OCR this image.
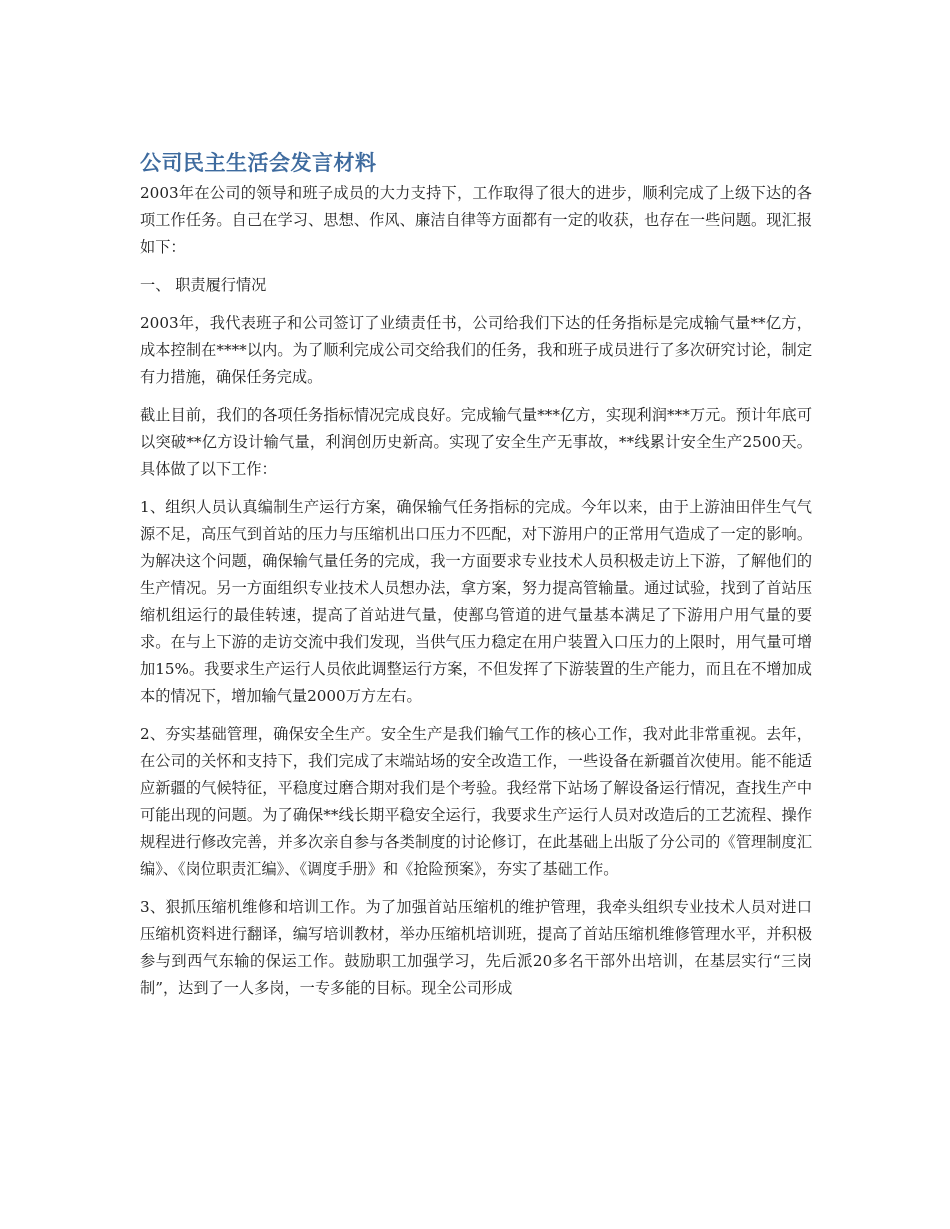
公司民主生活会发言材料

2003年在公司的领导和班子成员的大力支持下，工作取得了很大的进步，顺利完成了上级下达的各项工作任务。自己在学习、思想、作风、廉洁自律等方面都有一定的收获，也存在一些问题。现汇报如下：

一、 职责履行情况

2003年，我代表班子和公司签订了业绩责任书，公司给我们下达的任务指标是完成输气量**亿方，成本控制在****以内。为了顺利完成公司交给我们的任务，我和班子成员进行了多次研究讨论，制定有力措施，确保任务完成。

截止目前，我们的各项任务指标情况完成良好。完成输气量***亿方，实现利润***万元。预计年底可以突破**亿方设计输气量，利润创历史新高。实现了安全生产无事故，**线累计安全生产2500天。具体做了以下工作：

1、组织人员认真编制生产运行方案，确保输气任务指标的完成。今年以来，由于上游油田伴生气气源不足，高压气到首站的压力与压缩机出口压力不匹配，对下游用户的正常用气造成了一定的影响。为解决这个问题，确保输气量任务的完成，我一方面要求专业技术人员积极走访上下游，了解他们的生产情况。另一方面组织专业技术人员想办法，拿方案，努力提高管输量。通过试验，找到了首站压缩机组运行的最佳转速，提高了首站进气量，使鄯乌管道的进气量基本满足了下游用户用气量的要求。在与上下游的走访交流中我们发现，当供气压力稳定在用户装置入口压力的上限时，用气量可增加15%。我要求生产运行人员依此调整运行方案，不但发挥了下游装置的生产能力，而且在不增加成本的情况下，增加输气量2000万方左右。

2、夯实基础管理，确保安全生产。安全生产是我们输气工作的核心工作，我对此非常重视。去年，在公司的关怀和支持下，我们完成了末端站场的安全改造工作，一些设备在新疆首次使用。能不能适应新疆的气候特征，平稳度过磨合期对我们是个考验。我经常下站场了解设备运行情况，查找生产中可能出现的问题。为了确保**线长期平稳安全运行，我要求生产运行人员对改造后的工艺流程、操作规程进行修改完善，并多次亲自参与各类制度的讨论修订，在此基础上出版了分公司的《管理制度汇编》、《岗位职责汇编》、《调度手册》和《抢险预案》，夯实了基础工作。

3、狠抓压缩机维修和培训工作。为了加强首站压缩机的维护管理，我牵头组织专业技术人员对进口压缩机资料进行翻译，编写培训教材，举办压缩机培训班，提高了首站压缩机维修管理水平，并积极参与到西气东输的保运工作。鼓励职工加强学习，先后派20多名干部外出培训，在基层实行“三岗制”，达到了一人多岗，一专多能的目标。现全公司形成
